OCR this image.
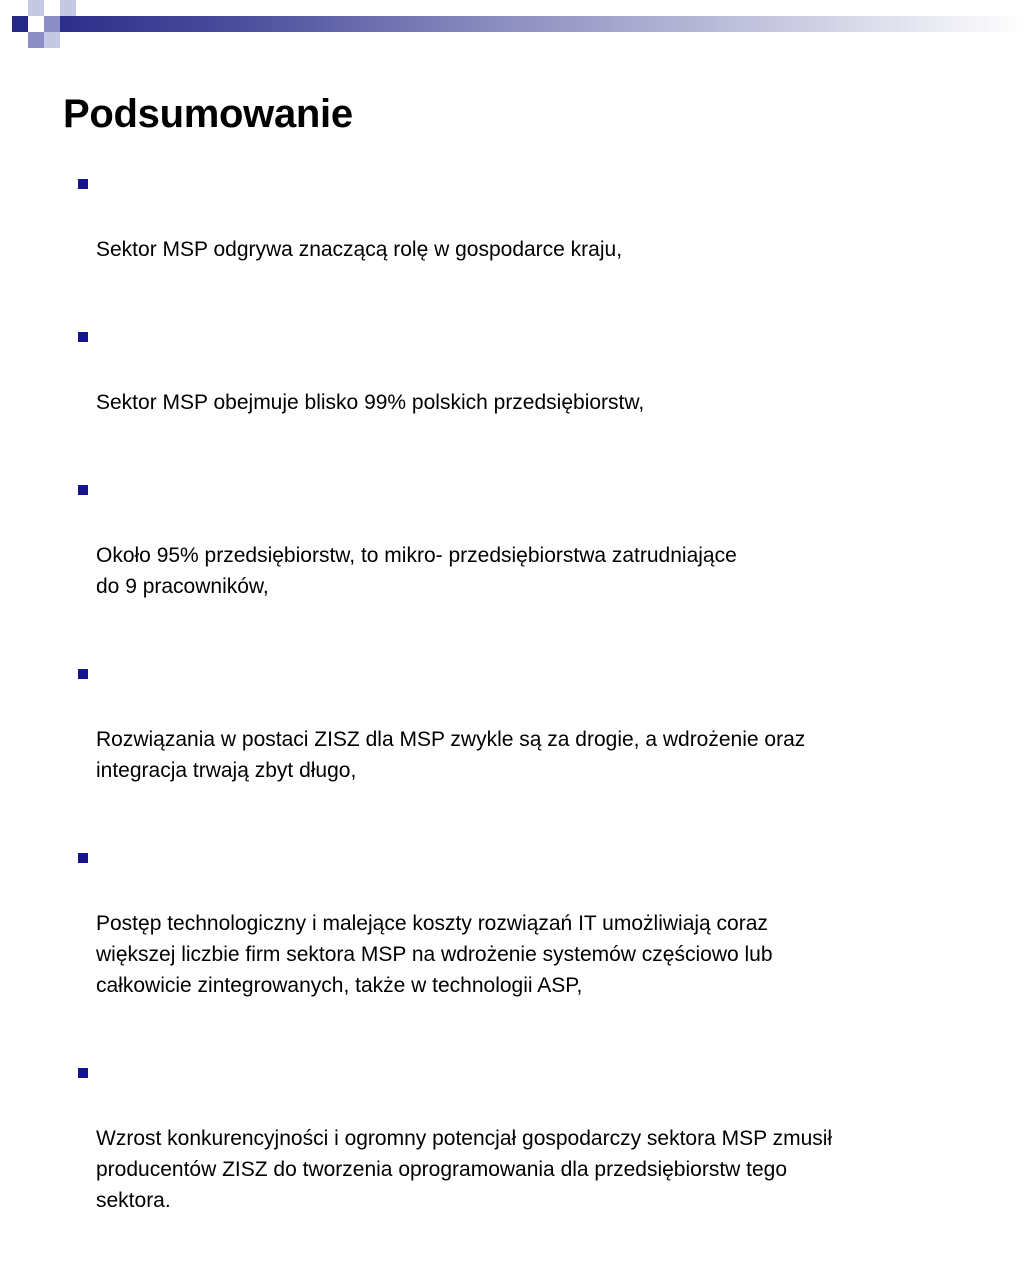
Podsumowanie

Sektor MSP odgrywa znaczącą rolę w gospodarce kraju,

Sektor MSP obejmuje blisko 99% polskich przedsiębiorstw,

Około 95% przedsiębiorstw, to mikro- przedsiębiorstwa zatrudniające
do 9 pracowników,

Rozwiązania w postaci ZISZ dla MSP zwykle są za drogie, a wdrożenie oraz
integracja trwają zbyt długo,

Postęp technologiczny i malejące koszty rozwiązań IT umożliwiają coraz
większej liczbie firm sektora MSP na wdrożenie systemów częściowo lub
całkowicie zintegrowanych, także w technologii ASP,

Wzrost konkurencyjności i ogromny potencjał gospodarczy sektora MSP zmusił
producentów ZISZ do tworzenia oprogramowania dla przedsiębiorstw tego
sektora.
